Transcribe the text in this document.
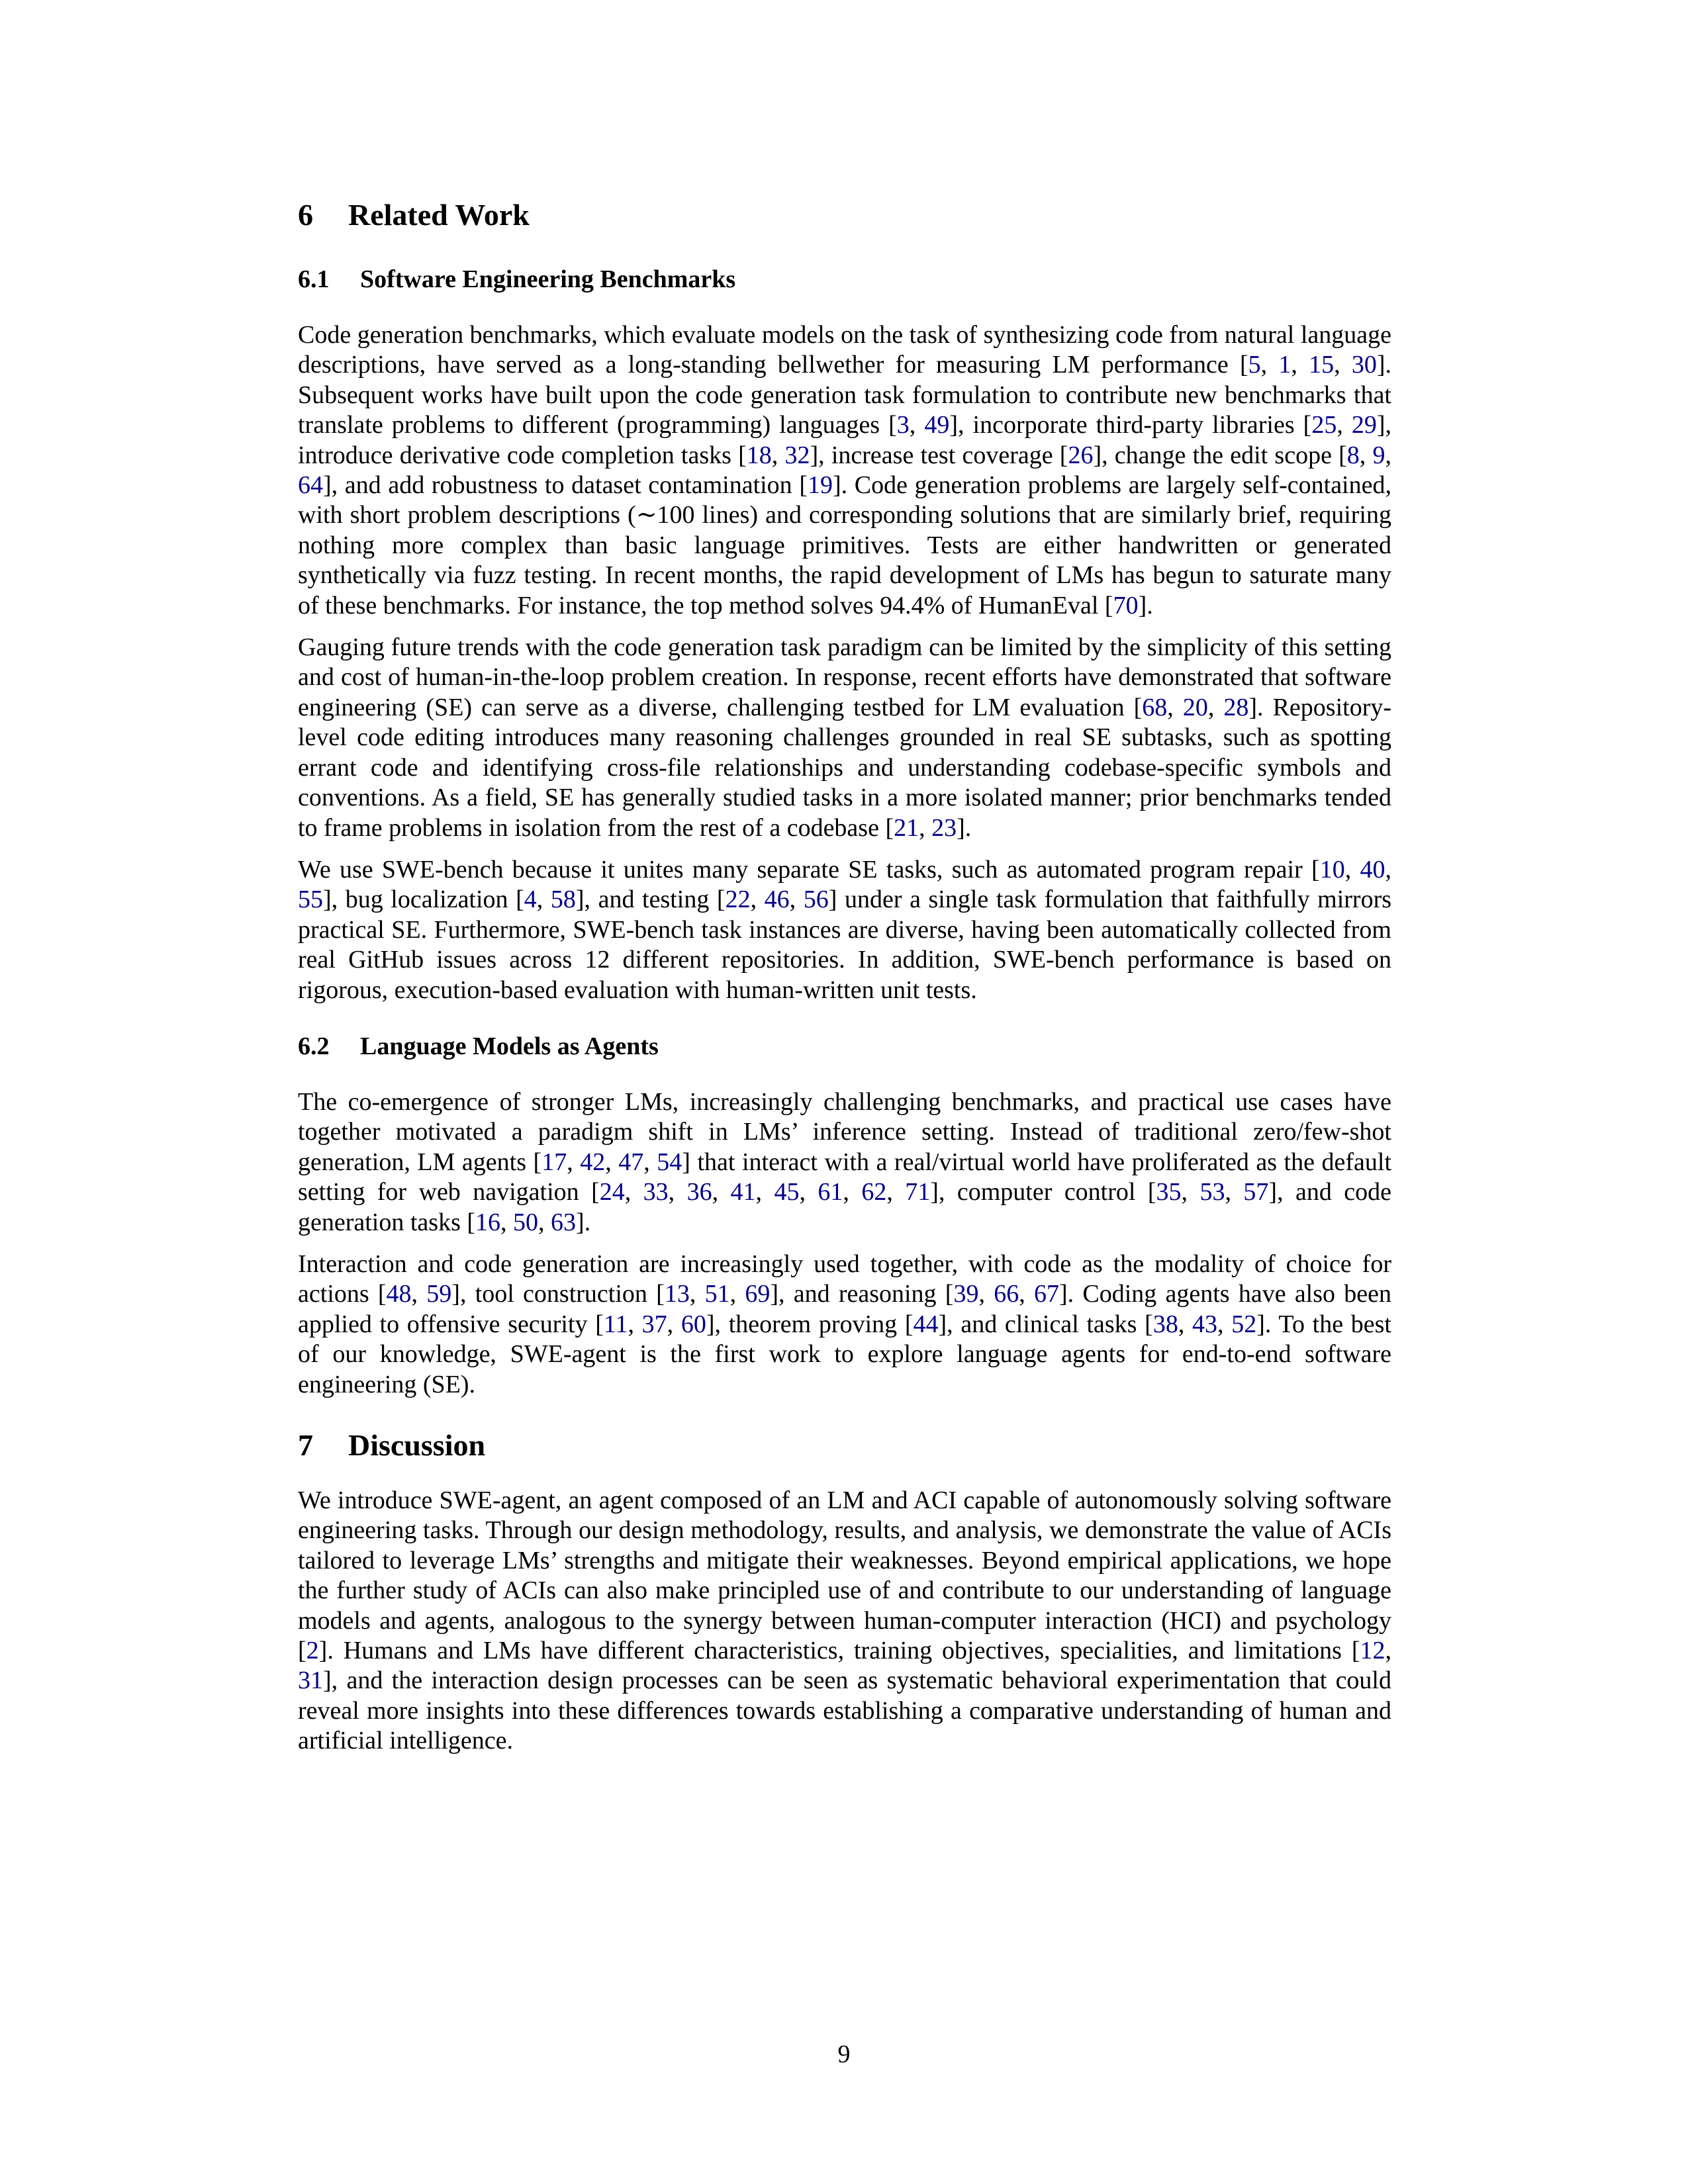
6	Related Work
6.1	Software Engineering Benchmarks

Code generation benchmarks, which evaluate models on the task of synthesizing code from natural language descriptions, have served as a long-standing bellwether for measuring LM performance [5, 1, 15, 30]. Subsequent works have built upon the code generation task formulation to contribute new benchmarks that translate problems to different (programming) languages [3, 49], incorporate third-party libraries [25, 29], introduce derivative code completion tasks [18, 32], increase test coverage [26], change the edit scope [8, 9, 64], and add robustness to dataset contamination [19]. Code generation problems are largely self-contained, with short problem descriptions (∼100 lines) and corresponding solutions that are similarly brief, requiring nothing more complex than basic language primitives. Tests are either handwritten or generated synthetically via fuzz testing. In recent months, the rapid development of LMs has begun to saturate many of these benchmarks. For instance, the top method solves 94.4% of HumanEval [70].

Gauging future trends with the code generation task paradigm can be limited by the simplicity of this setting and cost of human-in-the-loop problem creation. In response, recent efforts have demonstrated that software engineering (SE) can serve as a diverse, challenging testbed for LM evaluation [68, 20, 28]. Repository-level code editing introduces many reasoning challenges grounded in real SE subtasks, such as spotting errant code and identifying cross-file relationships and understanding codebase-specific symbols and conventions. As a field, SE has generally studied tasks in a more isolated manner; prior benchmarks tended to frame problems in isolation from the rest of a codebase [21, 23].

We use SWE-bench because it unites many separate SE tasks, such as automated program repair [10, 40, 55], bug localization [4, 58], and testing [22, 46, 56] under a single task formulation that faithfully mirrors practical SE. Furthermore, SWE-bench task instances are diverse, having been automatically collected from real GitHub issues across 12 different repositories. In addition, SWE-bench performance is based on rigorous, execution-based evaluation with human-written unit tests.

6.2	Language Models as Agents

The co-emergence of stronger LMs, increasingly challenging benchmarks, and practical use cases have together motivated a paradigm shift in LMs’ inference setting. Instead of traditional zero/few-shot generation, LM agents [17, 42, 47, 54] that interact with a real/virtual world have proliferated as the default setting for web navigation [24, 33, 36, 41, 45, 61, 62, 71], computer control [35, 53, 57], and code generation tasks [16, 50, 63].

Interaction and code generation are increasingly used together, with code as the modality of choice for actions [48, 59], tool construction [13, 51, 69], and reasoning [39, 66, 67]. Coding agents have also been applied to offensive security [11, 37, 60], theorem proving [44], and clinical tasks [38, 43, 52]. To the best of our knowledge, SWE-agent is the first work to explore language agents for end-to-end software engineering (SE).

7	Discussion

We introduce SWE-agent, an agent composed of an LM and ACI capable of autonomously solving software engineering tasks. Through our design methodology, results, and analysis, we demonstrate the value of ACIs tailored to leverage LMs’ strengths and mitigate their weaknesses. Beyond empirical applications, we hope the further study of ACIs can also make principled use of and contribute to our understanding of language models and agents, analogous to the synergy between human-computer interaction (HCI) and psychology [2]. Humans and LMs have different characteristics, training objectives, specialities, and limitations [12, 31], and the interaction design processes can be seen as systematic behavioral experimentation that could reveal more insights into these differences towards establishing a comparative understanding of human and artificial intelligence.

9
